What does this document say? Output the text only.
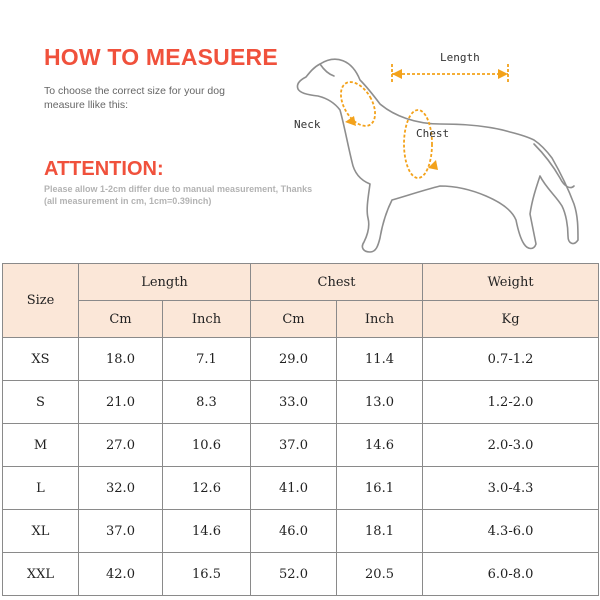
HOW TO MEASUERE

To choose the correct size for your dog measure llike this:

ATTENTION:

Please allow 1-2cm differ due to manual measurement, Thanks (all measurement in cm, 1cm=0.39inch)

Length
Neck
Chest
Size	Length		Chest		Weight
	Cm	Inch	Cm	Inch	Kg
XS	18.0	7.1	29.0	11.4	0.7-1.2
S	21.0	8.3	33.0	13.0	1.2-2.0
M	27.0	10.6	37.0	14.6	2.0-3.0
L	32.0	12.6	41.0	16.1	3.0-4.3
XL	37.0	14.6	46.0	18.1	4.3-6.0
XXL	42.0	16.5	52.0	20.5	6.0-8.0
